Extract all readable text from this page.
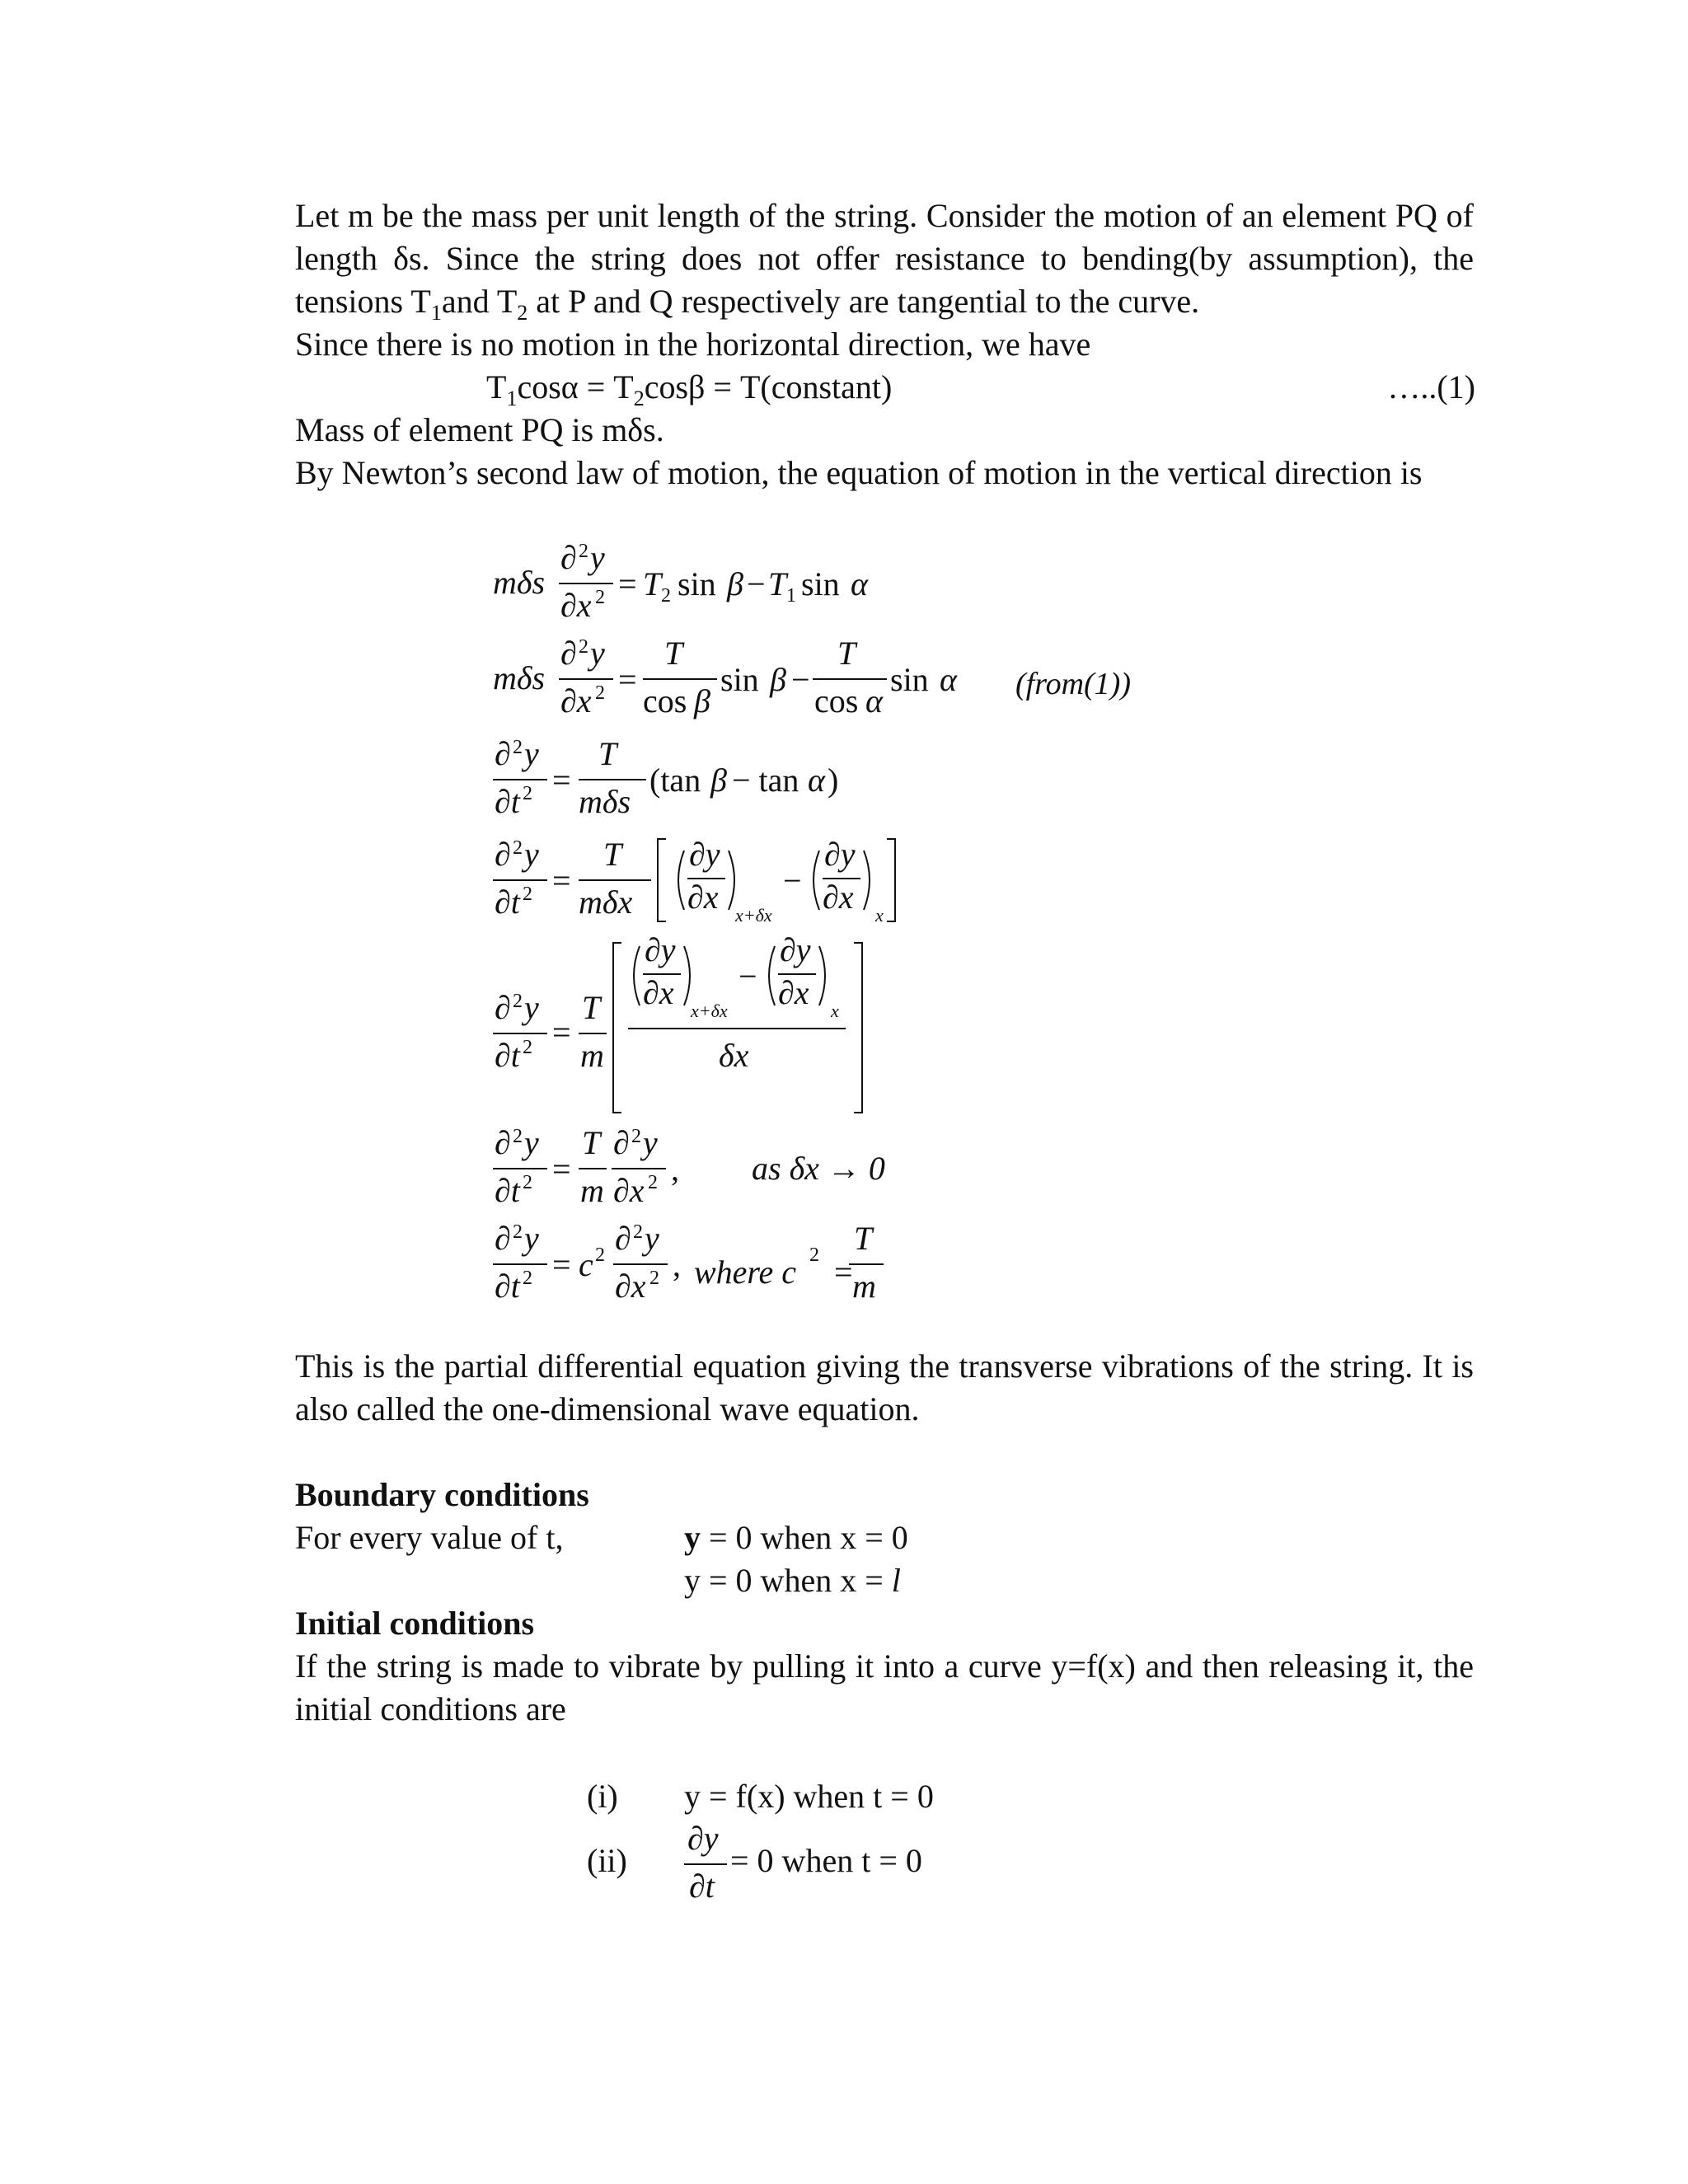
Let m be the mass per unit length of the string. Consider the motion of an element PQ of length δs. Since the string does not offer resistance to bending(by assumption), the tensions $T_1and$ $T_2$ at P and Q respectively are tangential to the curve.

Since there is no motion in the horizontal direction, we have

$T_1\cos\alpha = T_2\cos\beta$ = T(constant)	…..(1)

Mass of element PQ is mδs.

By Newton’s second law of motion, the equation of motion in the vertical direction is

mδs
∂ 2 y
∂x 2 = T 2 sin β − T 1 sin α
mδs
∂ 2 y
∂x 2 =
T
cos β
sin β −
T
cos α
sin α (from(1))
∂ 2 y
∂t 2 =
T
mδs
(tan β − tan α )
∂ 2 y
∂t 2 =
T
mδx
∂y
∂x x+δx
−
∂y
∂x x
∂ 2 y
∂t 2 =
T
m
∂y
∂x x+δx
−
∂y
∂x x
δx
∂ 2 y
∂t 2 =
T
m
∂ 2 y
∂x 2 , as δx → 0
∂ 2 y
∂t 2 = c 2 ∂ 2 y
∂x 2 , where c 2 =
T
m

This is the partial differential equation giving the transverse vibrations of the string. It is also called the one-dimensional wave equation.

Boundary conditions

For every value of t,	y = 0 when x = 0

y = 0 when x = l

Initial conditions

If the string is made to vibrate by pulling it into a curve y=f(x) and then releasing it, the initial conditions are

(i) y = f(x) when t = 0

(ii)

∂y
∂t

= 0 when t = 0
